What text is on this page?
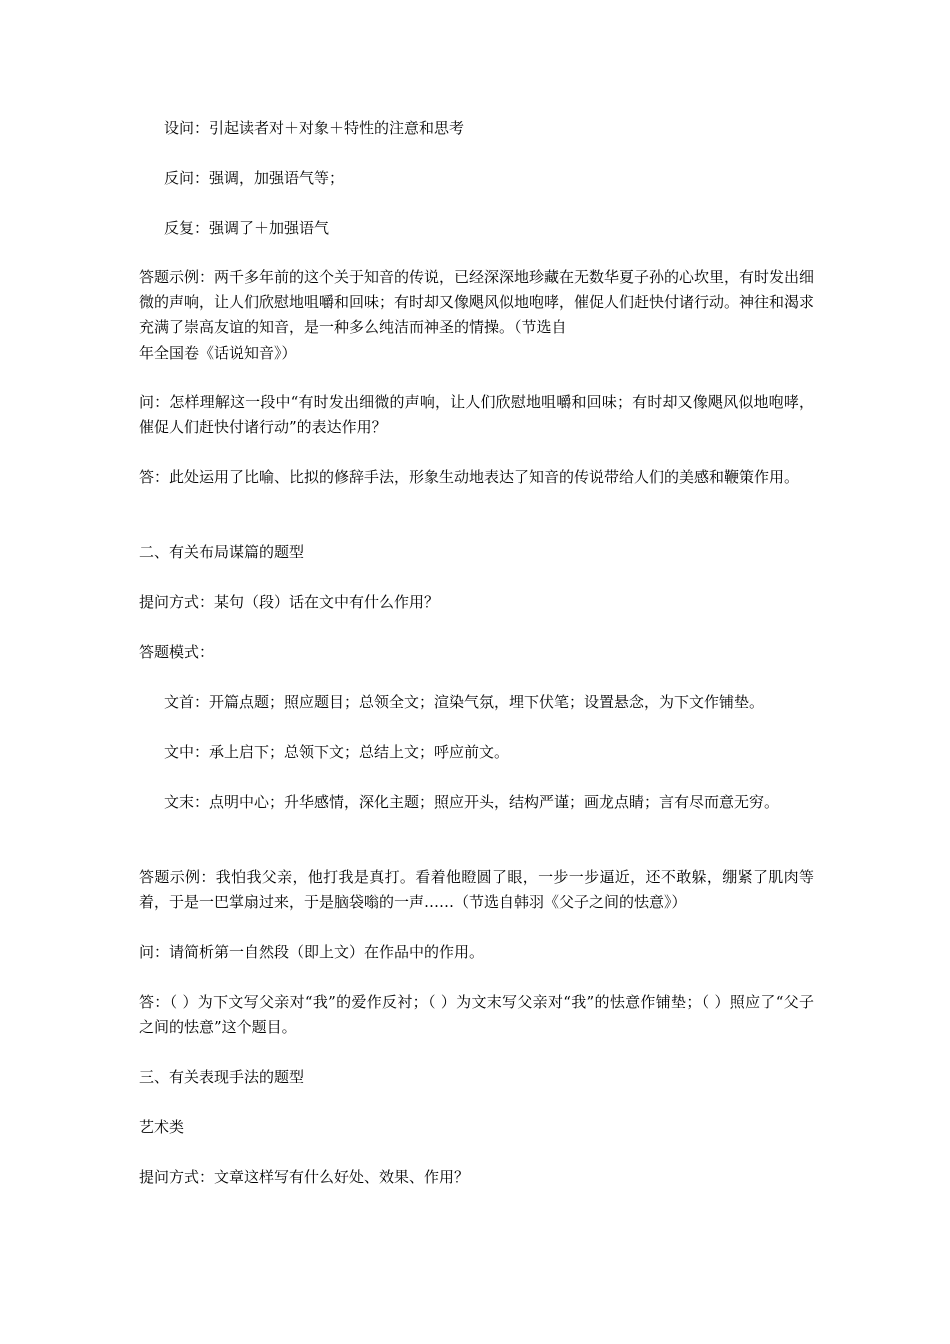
设问：引起读者对＋对象＋特性的注意和思考

反问：强调，加强语气等；

反复：强调了＋加强语气

答题示例：两千多年前的这个关于知音的传说，已经深深地珍藏在无数华夏子孙的心坎里，有时发出细微的声响，让人们欣慰地咀嚼和回味；有时却又像飓风似地咆哮，催促人们赶快付诸行动。神往和渴求充满了崇高友谊的知音，是一种多么纯洁而神圣的情操。（节选自

年全国卷《话说知音》）

问：怎样理解这一段中“有时发出细微的声响，让人们欣慰地咀嚼和回味；有时却又像飓风似地咆哮，催促人们赶快付诸行动”的表达作用？

答：此处运用了比喻、比拟的修辞手法，形象生动地表达了知音的传说带给人们的美感和鞭策作用。

二、有关布局谋篇的题型

提问方式：某句（段）话在文中有什么作用？

答题模式：

文首：开篇点题；照应题目；总领全文；渲染气氛，埋下伏笔；设置悬念，为下文作铺垫。

文中：承上启下；总领下文；总结上文；呼应前文。

文末：点明中心；升华感情，深化主题；照应开头，结构严谨；画龙点睛；言有尽而意无穷。

答题示例：我怕我父亲，他打我是真打。看着他瞪圆了眼，一步一步逼近，还不敢躲，绷紧了肌肉等着，于是一巴掌扇过来，于是脑袋嗡的一声……（节选自韩羽《父子之间的怯意》）

问：请简析第一自然段（即上文）在作品中的作用。

答：（ ）为下文写父亲对“我”的爱作反衬；（ ）为文末写父亲对“我”的怯意作铺垫；（ ）照应了“父子之间的怯意”这个题目。

三、有关表现手法的题型

艺术类

提问方式：文章这样写有什么好处、效果、作用？
